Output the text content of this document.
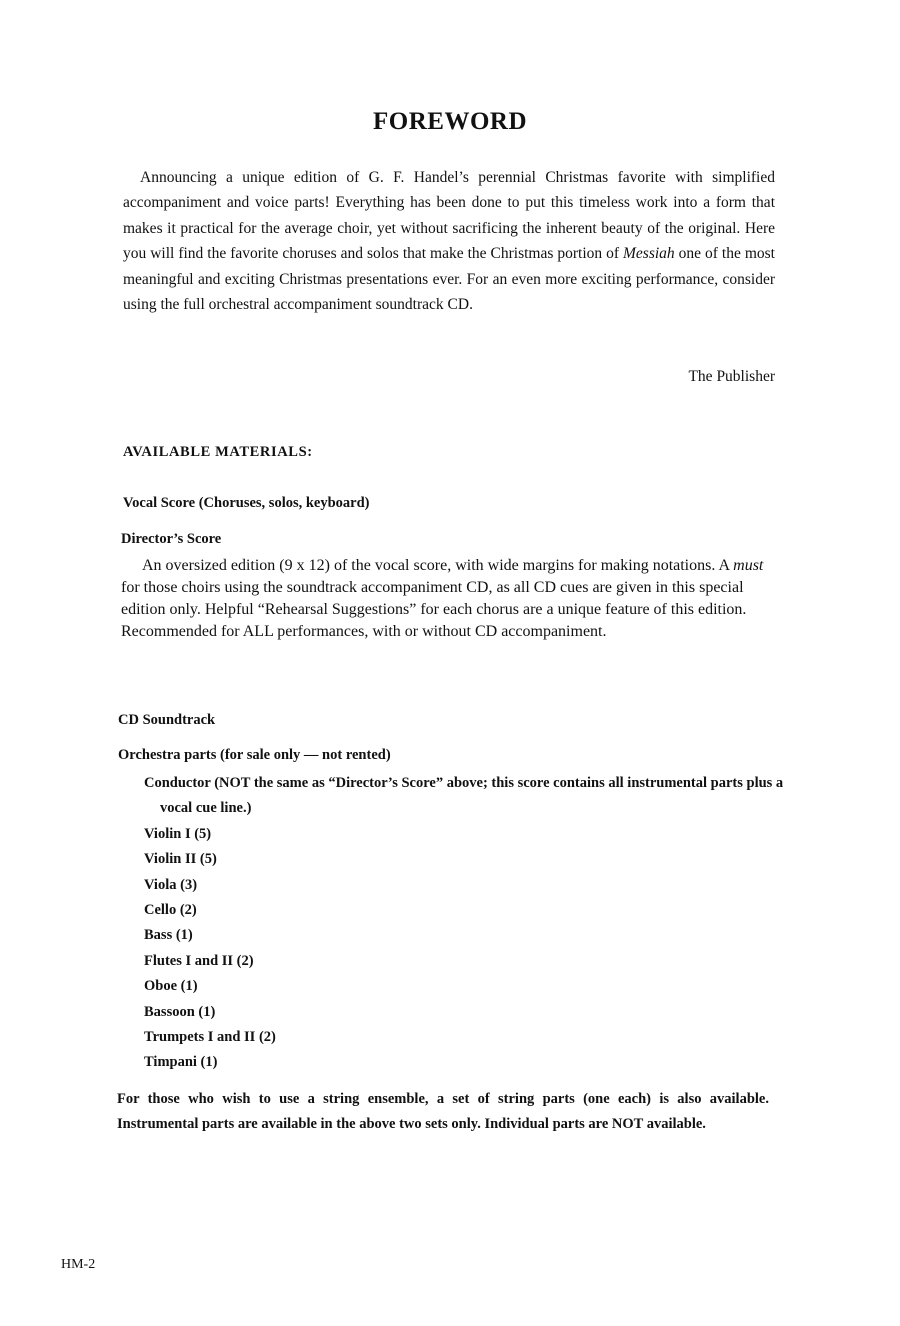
FOREWORD

Announcing a unique edition of G. F. Handel’s perennial Christmas favorite with simplified accompaniment and voice parts! Everything has been done to put this timeless work into a form that makes it practical for the average choir, yet without sacrificing the inherent beauty of the original. Here you will find the favorite choruses and solos that make the Christmas portion of Messiah one of the most meaningful and exciting Christmas presentations ever. For an even more exciting performance, consider using the full orchestral accompaniment soundtrack CD.

The Publisher

AVAILABLE MATERIALS:

Vocal Score (Choruses, solos, keyboard)

Director’s Score

An oversized edition (9 x 12) of the vocal score, with wide margins for making notations. A must for those choirs using the soundtrack accompaniment CD, as all CD cues are given in this special edition only. Helpful “Rehearsal Suggestions” for each chorus are a unique feature of this edition. Recommended for ALL performances, with or without CD accompaniment.

CD Soundtrack

Orchestra parts (for sale only — not rented)

Conductor (NOT the same as “Director’s Score” above; this score contains all instrumental parts plus a vocal cue line.)
Violin I (5)
Violin II (5)
Viola (3)
Cello (2)
Bass (1)
Flutes I and II (2)
Oboe (1)
Bassoon (1)
Trumpets I and II (2)
Timpani (1)

For those who wish to use a string ensemble, a set of string parts (one each) is also available. Instrumental parts are available in the above two sets only. Individual parts are NOT available.

HM-2
